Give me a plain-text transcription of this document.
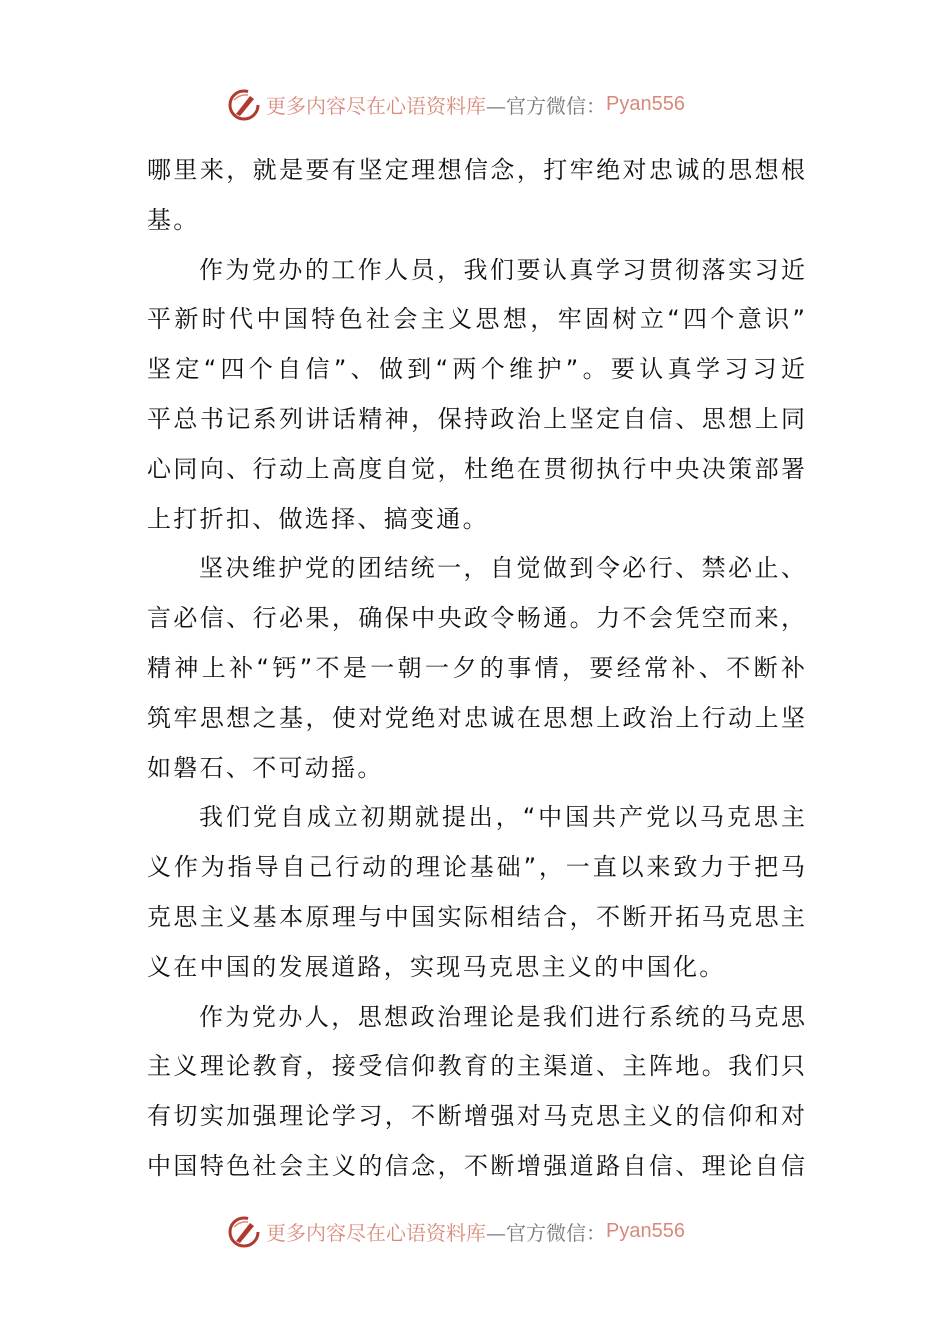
更多内容尽在心语资料库 —官方微信： Pyan556
哪里来，就是要有坚定理想信念，打牢绝对忠诚的思想根
基。
作为党办的工作人员，我们要认真学习贯彻落实习近
平新时代中国特色社会主义思想，牢固树立“四个意识”
坚定“四个自信”、做到“两个维护”。要认真学习习近
平总书记系列讲话精神，保持政治上坚定自信、思想上同
心同向、行动上高度自觉，杜绝在贯彻执行中央决策部署
上打折扣、做选择、搞变通。
坚决维护党的团结统一，自觉做到令必行、禁必止、
言必信、行必果，确保中央政令畅通。力不会凭空而来，
精神上补“钙”不是一朝一夕的事情，要经常补、不断补
筑牢思想之基，使对党绝对忠诚在思想上政治上行动上坚
如磐石、不可动摇。
我们党自成立初期就提出，“中国共产党以马克思主
义作为指导自己行动的理论基础”，一直以来致力于把马
克思主义基本原理与中国实际相结合，不断开拓马克思主
义在中国的发展道路，实现马克思主义的中国化。
作为党办人，思想政治理论是我们进行系统的马克思
主义理论教育，接受信仰教育的主渠道、主阵地。我们只
有切实加强理论学习，不断增强对马克思主义的信仰和对
中国特色社会主义的信念，不断增强道路自信、理论自信
更多内容尽在心语资料库 —官方微信： Pyan556
